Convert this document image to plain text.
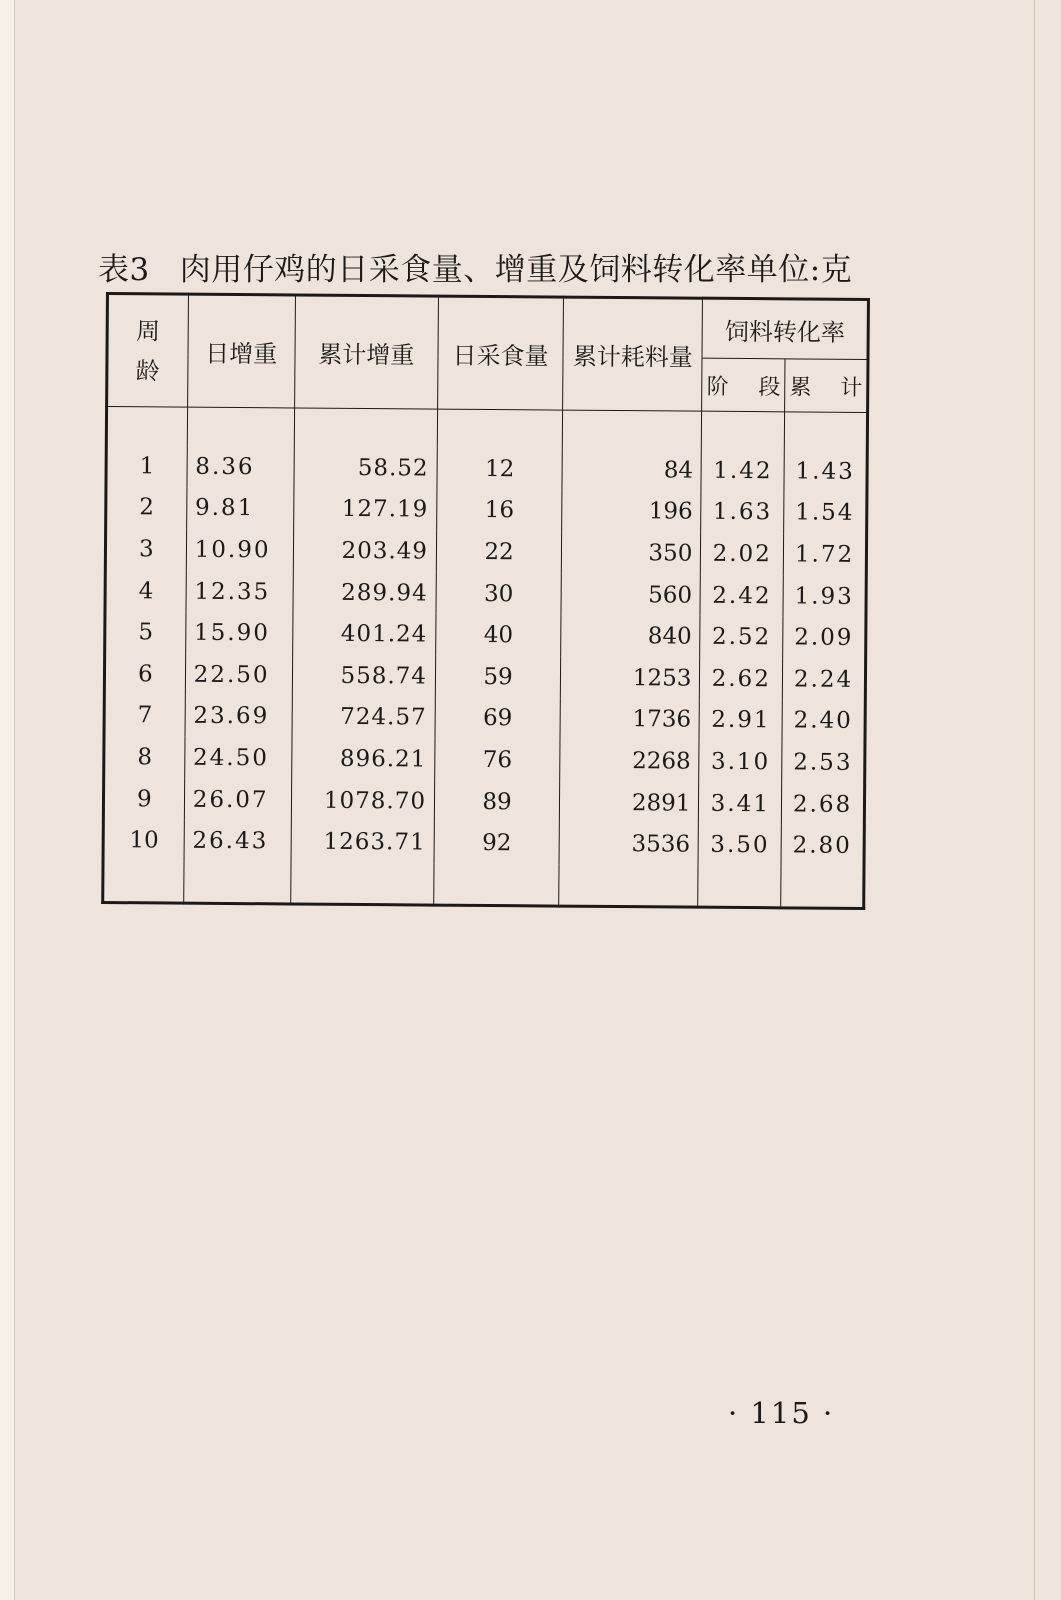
表3 肉用仔鸡的日采食量、增重及饲料转化率单位:克
周龄	日增重	累计增重	日采食量	累计耗料量	饲料转化率	
					阶　段	累　计

1	8.36	58.52	12	84	1.42	1.43
2	9.81	127.19	16	196	1.63	1.54
3	10.90	203.49	22	350	2.02	1.72
4	12.35	289.94	30	560	2.42	1.93
5	15.90	401.24	40	840	2.52	2.09
6	22.50	558.74	59	1253	2.62	2.24
7	23.69	724.57	69	1736	2.91	2.40
8	24.50	896.21	76	2268	3.10	2.53
9	26.07	1078.70	89	2891	3.41	2.68
10	26.43	1263.71	92	3536	3.50	2.80

· 115 ·
